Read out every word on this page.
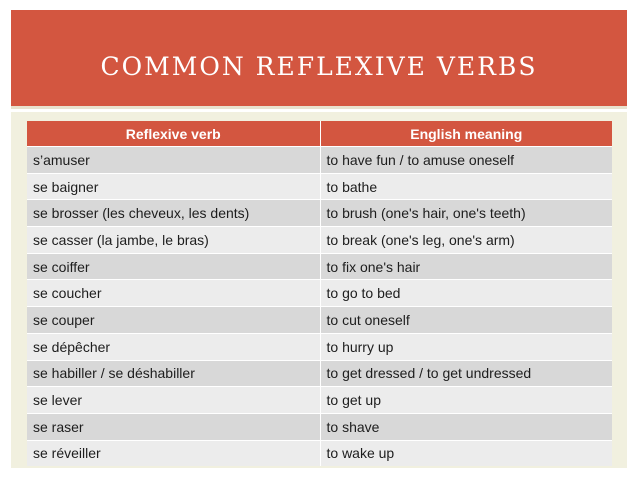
COMMON REFLEXIVE VERBS
Reflexive verb	English meaning
s’amuser	to have fun / to amuse oneself
se baigner	to bathe
se brosser (les cheveux, les dents)	to brush (one's hair, one's teeth)
se casser (la jambe, le bras)	to break (one's leg, one's arm)
se coiffer	to fix one's hair
se coucher	to go to bed
se couper	to cut oneself
se dépêcher	to hurry up
se habiller / se déshabiller	to get dressed / to get undressed
se lever	to get up
se raser	to shave
se réveiller	to wake up
